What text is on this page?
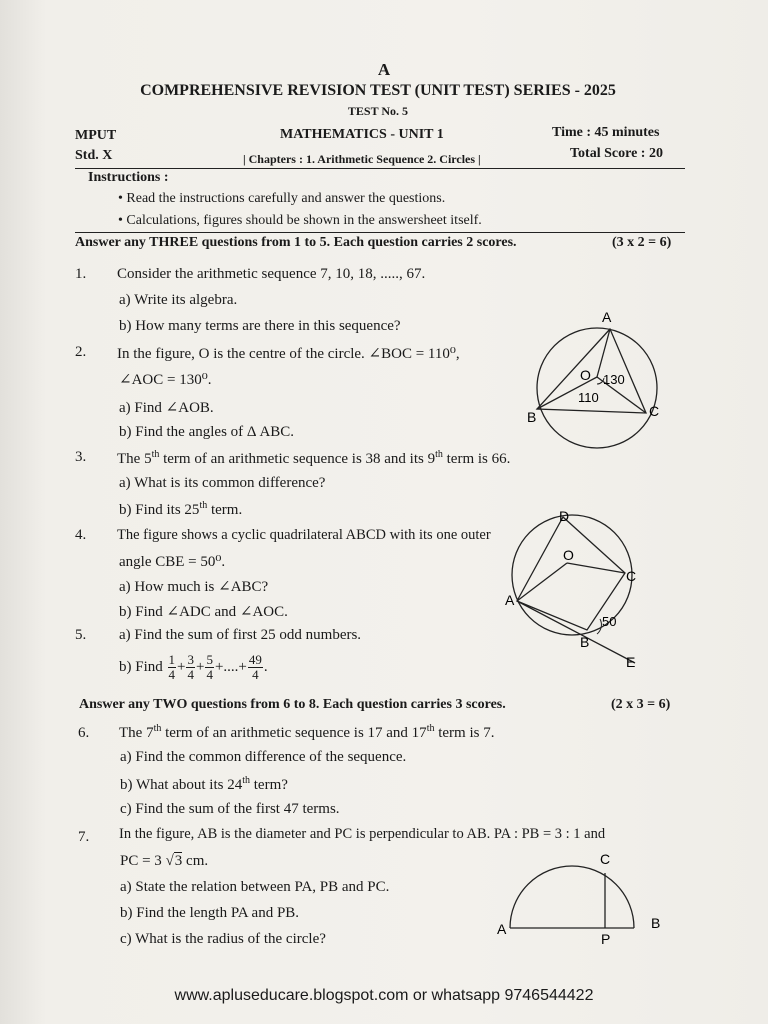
A
COMPREHENSIVE REVISION TEST (UNIT TEST) SERIES - 2025
TEST No. 5
MPUT
Std. X
MATHEMATICS - UNIT 1
| Chapters : 1. Arithmetic Sequence 2. Circles |
Time : 45 minutes
Total Score : 20
Instructions :
• Read the instructions carefully and answer the questions.
• Calculations, figures should be shown in the answersheet itself.
Answer any THREE questions from 1 to 5. Each question carries 2 scores.	(3 x 2 = 6)
1. Consider the arithmetic sequence 7, 10, 18, ....., 67.
a) Write its algebra.
b) How many terms are there in this sequence?
2. In the figure, O is the centre of the circle. ∠BOC = 110⁰,
∠AOC = 130⁰.
a) Find ∠AOB.
b) Find the angles of Δ ABC.
A
B	C
O 130
110
3. The 5th term of an arithmetic sequence is 38 and its 9th term is 66.
a) What is its common difference?
b) Find its 25th term.
4. The figure shows a cyclic quadrilateral ABCD with its one outer
angle CBE = 50⁰.
a) How much is ∠ABC?
b) Find ∠ADC and ∠AOC.
D
O
C
A
B
E
50
5. a) Find the sum of first 25 odd numbers.
b) Find $\frac{1}{4} + \frac{3}{4} + \frac{5}{4}$ +....+ $\frac{49}{4}$ .
Answer any TWO questions from 6 to 8. Each question carries 3 scores.	(2 x 3 = 6)
6. The 7th term of an arithmetic sequence is 17 and 17th term is 7.
a) Find the common difference of the sequence.
b) What about its 24th term?
c) Find the sum of the first 47 terms.
7. In the figure, AB is the diameter and PC is perpendicular to AB. PA : PB = 3 : 1 and
PC = 3 √3 cm.
a) State the relation between PA, PB and PC.
b) Find the length PA and PB.
c) What is the radius of the circle?
C
A	B
P
www.apluseducare.blogspot.com or whatsapp 9746544422
